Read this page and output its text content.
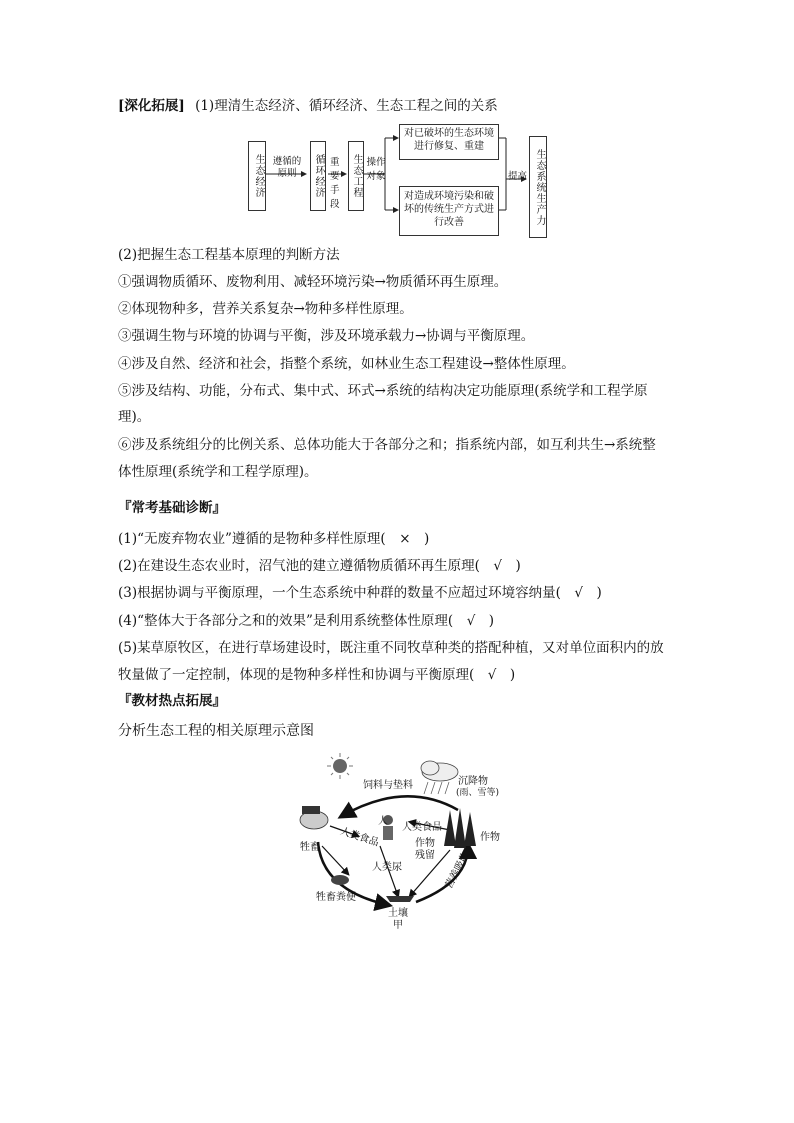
[深化拓展] (1)理清生态经济、循环经济、生态工程之间的关系
生态经济 遵循的原则	循环经济 重要手段
生态工程 操作对象
对已破坏的生态环境进行修复、重建
对造成环境污染和破坏的传统生产方式进行改善
提高 生态系统生产力
(2)把握生态工程基本原理的判断方法
①强调物质循环、废物利用、减轻环境污染→物质循环再生原理。
②体现物种多，营养关系复杂→物种多样性原理。
③强调生物与环境的协调与平衡，涉及环境承载力→协调与平衡原理。
④涉及自然、经济和社会，指整个系统，如林业生态工程建设→整体性原理。
⑤涉及结构、功能，分布式、集中式、环式→系统的结构决定功能原理(系统学和工程学原
理)。
⑥涉及系统组分的比例关系、总体功能大于各部分之和；指系统内部，如互利共生→系统整
体性原理(系统学和工程学原理)。
『常考基础诊断』
(1)“无废弃物农业”遵循的是物种多样性原理(　×　)
(2)在建设生态农业时，沼气池的建立遵循物质循环再生原理(　√　)
(3)根据协调与平衡原理，一个生态系统中种群的数量不应超过环境容纳量(　√　)
(4)“整体大于各部分之和的效果”是利用系统整体性原理(　√　)
(5)某草原牧区，在进行草场建设时，既注重不同牧草种类的搭配种植，又对单位面积内的放
牧量做了一定控制，体现的是物种多样性和协调与平衡原理(　√　)
『教材热点拓展』
分析生态工程的相关原理示意图
饲料与垫料	沉降物
(雨、雪等)
人
人类食品 人类食品
作物
牲畜	作物残留
人类尿
牲畜粪便
土壤
营养吸收
甲
